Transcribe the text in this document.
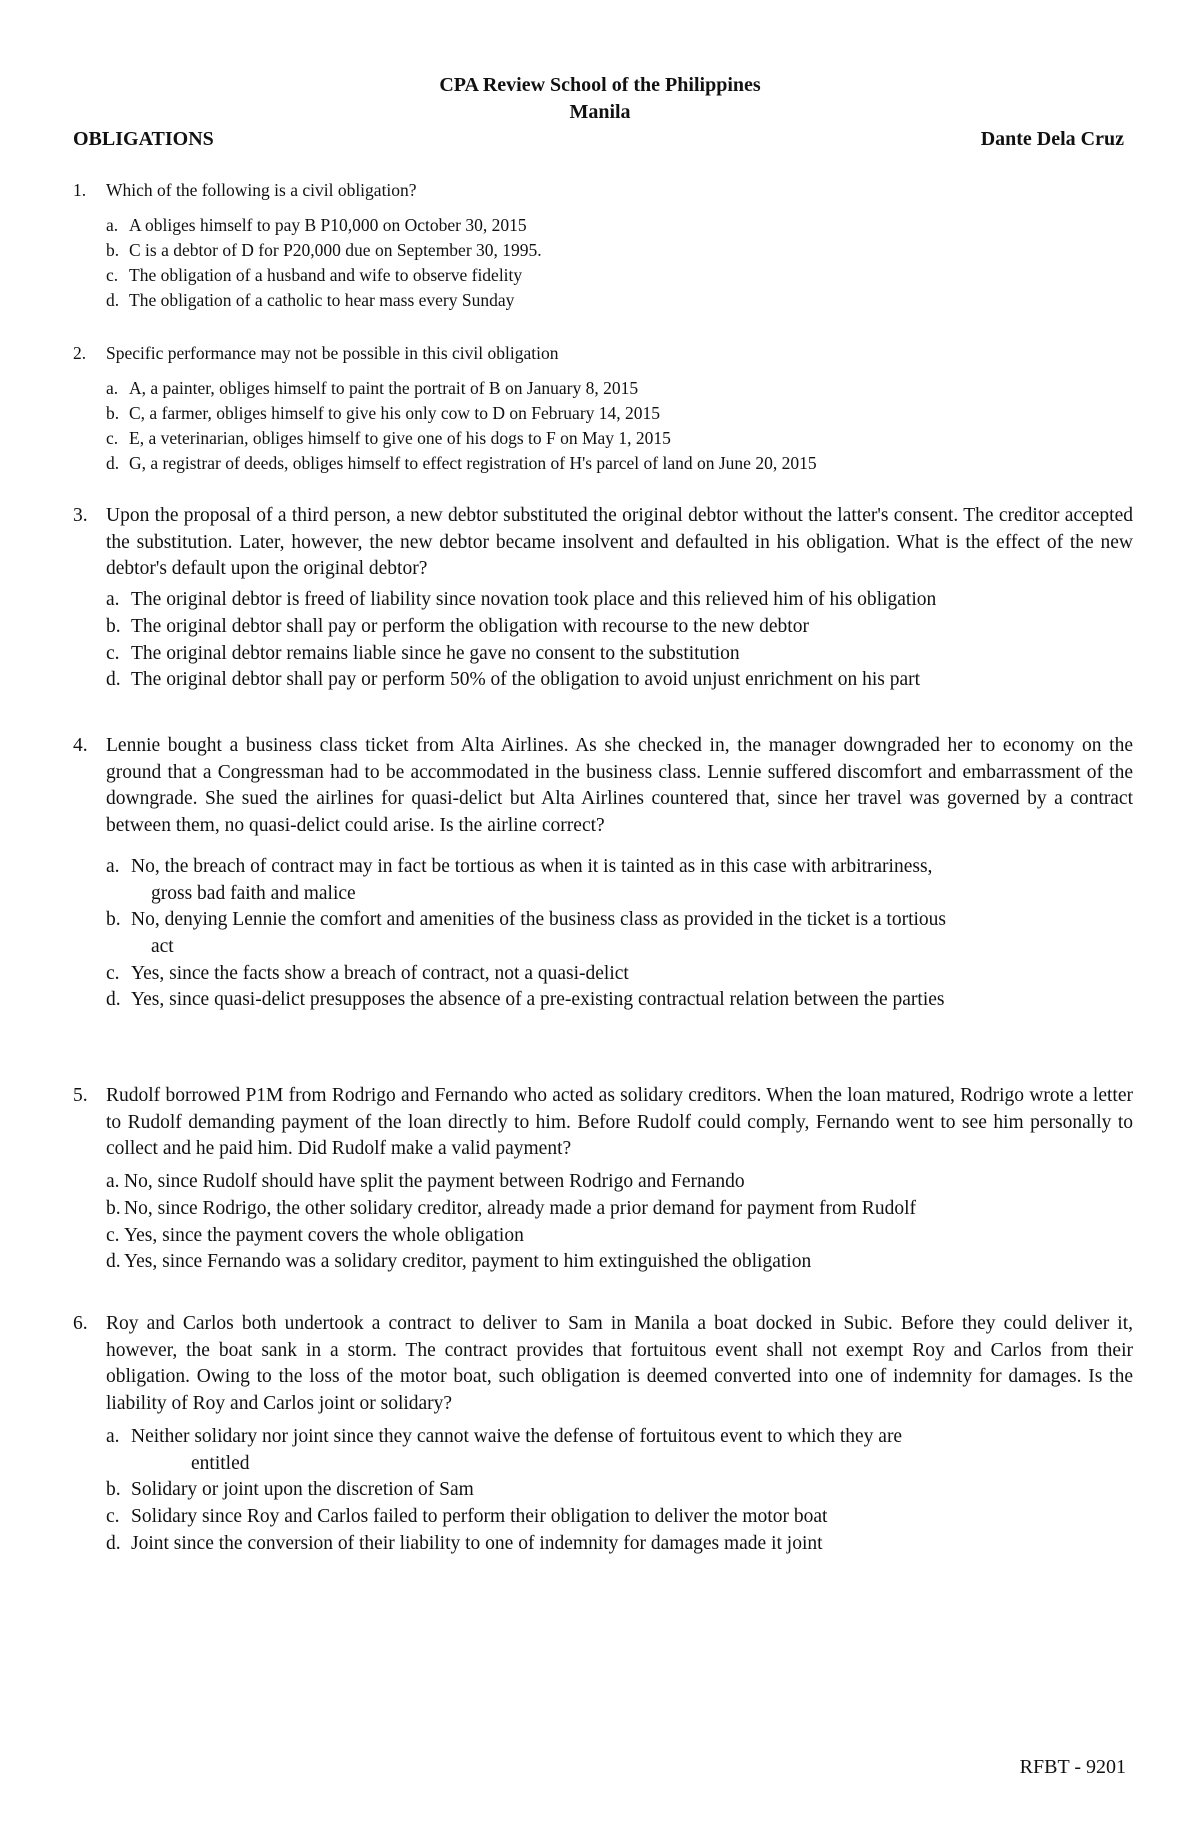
CPA Review School of the Philippines
Manila
OBLIGATIONS	Dante Dela Cruz
1.	Which of the following is a civil obligation?
a. A obliges himself to pay B P10,000 on October 30, 2015
b. C is a debtor of D for P20,000 due on September 30, 1995.
c. The obligation of a husband and wife to observe fidelity
d. The obligation of a catholic to hear mass every Sunday
2.	Specific performance may not be possible in this civil obligation
a. A, a painter, obliges himself to paint the portrait of B on January 8, 2015
b. C, a farmer, obliges himself to give his only cow to D on February 14, 2015
c. E, a veterinarian, obliges himself to give one of his dogs to F on May 1, 2015
d. G, a registrar of deeds, obliges himself to effect registration of H's parcel of land on June 20, 2015
3. Upon the proposal of a third person, a new debtor substituted the original debtor without the latter's consent. The creditor accepted the substitution. Later, however, the new debtor became insolvent and defaulted in his obligation. What is the effect of the new debtor's default upon the original debtor?
a. The original debtor is freed of liability since novation took place and this relieved him of his obligation
b. The original debtor shall pay or perform the obligation with recourse to the new debtor
c. The original debtor remains liable since he gave no consent to the substitution
d. The original debtor shall pay or perform 50% of the obligation to avoid unjust enrichment on his part
4. Lennie bought a business class ticket from Alta Airlines. As she checked in, the manager downgraded her to economy on the ground that a Congressman had to be accommodated in the business class. Lennie suffered discomfort and embarrassment of the downgrade. She sued the airlines for quasi-delict but Alta Airlines countered that, since her travel was governed by a contract between them, no quasi-delict could arise. Is the airline correct?
a. No, the breach of contract may in fact be tortious as when it is tainted as in this case with arbitrariness,
gross bad faith and malice
b. No, denying Lennie the comfort and amenities of the business class as provided in the ticket is a tortious
act
c. Yes, since the facts show a breach of contract, not a quasi-delict
d. Yes, since quasi-delict presupposes the absence of a pre-existing contractual relation between the parties
5. Rudolf borrowed P1M from Rodrigo and Fernando who acted as solidary creditors. When the loan matured, Rodrigo wrote a letter to Rudolf demanding payment of the loan directly to him. Before Rudolf could comply, Fernando went to see him personally to collect and he paid him. Did Rudolf make a valid payment?
a. No, since Rudolf should have split the payment between Rodrigo and Fernando
b. No, since Rodrigo, the other solidary creditor, already made a prior demand for payment from Rudolf
c. Yes, since the payment covers the whole obligation
d. Yes, since Fernando was a solidary creditor, payment to him extinguished the obligation
6. Roy and Carlos both undertook a contract to deliver to Sam in Manila a boat docked in Subic. Before they could deliver it, however, the boat sank in a storm. The contract provides that fortuitous event shall not exempt Roy and Carlos from their obligation. Owing to the loss of the motor boat, such obligation is deemed converted into one of indemnity for damages. Is the liability of Roy and Carlos joint or solidary?
a. Neither solidary nor joint since they cannot waive the defense of fortuitous event to which they are
entitled
b. Solidary or joint upon the discretion of Sam
c. Solidary since Roy and Carlos failed to perform their obligation to deliver the motor boat
d. Joint since the conversion of their liability to one of indemnity for damages made it joint
RFBT - 9201
